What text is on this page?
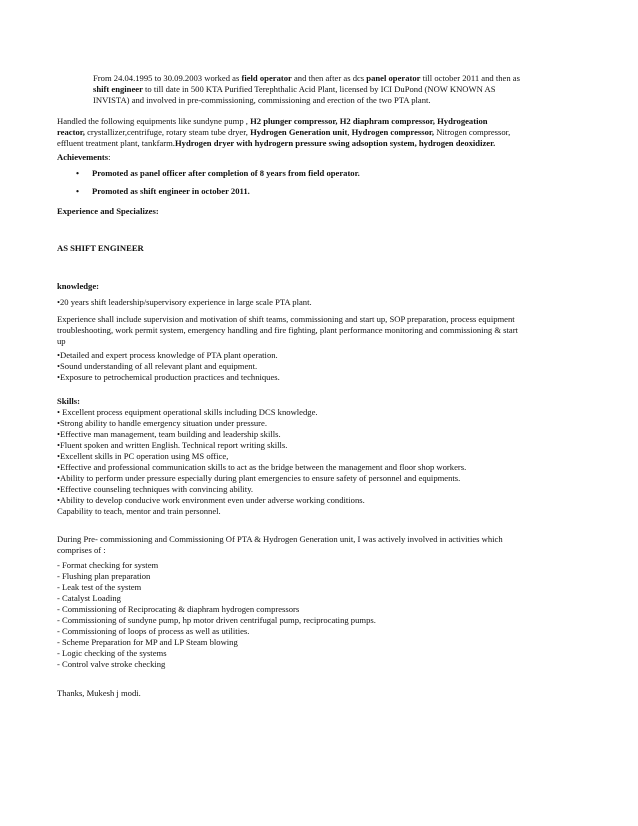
From 24.04.1995 to 30.09.2003 worked as field operator and then after as dcs panel operator till october 2011 and then as
shift engineer to till date in 500 KTA Purified Terephthalic Acid Plant, licensed by ICI DuPond (NOW KNOWN AS
INVISTA) and involved in pre-commissioning, commissioning and erection of the two PTA plant.

Handled the following equipments like sundyne pump , H2 plunger compressor, H2 diaphram compressor, Hydrogeation
reactor, crystallizer,centrifuge, rotary steam tube dryer, Hydrogen Generation unit, Hydrogen compressor, Nitrogen compressor,
effluent treatment plant, tankfarm.Hydrogen dryer with hydrogern pressure swing adsoption system, hydrogen deoxidizer.

Achievements:

• Promoted as panel officer after completion of 8 years from field operator.
• Promoted as shift engineer in october 2011.

Experience and Specializes:

AS SHIFT ENGINEER

knowledge:

•20 years shift leadership/supervisory experience in large scale PTA plant.

Experience shall include supervision and motivation of shift teams, commissioning and start up, SOP preparation, process equipment
troubleshooting, work permit system, emergency handling and fire fighting, plant performance monitoring and commissioning & start
up

•Detailed and expert process knowledge of PTA plant operation.
•Sound understanding of all relevant plant and equipment.
•Exposure to petrochemical production practices and techniques.

Skills:

• Excellent process equipment operational skills including DCS knowledge.
•Strong ability to handle emergency situation under pressure.
•Effective man management, team building and leadership skills.
•Fluent spoken and written English. Technical report writing skills.
•Excellent skills in PC operation using MS office,
•Effective and professional communication skills to act as the bridge between the management and floor shop workers.
•Ability to perform under pressure especially during plant emergencies to ensure safety of personnel and equipments.
•Effective counseling techniques with convincing ability.
•Ability to develop conducive work environment even under adverse working conditions.
Capability to teach, mentor and train personnel.

During Pre- commissioning and Commissioning Of PTA & Hydrogen Generation unit, I was actively involved in activities which
comprises of :

- Format checking for system
- Flushing plan preparation
- Leak test of the system
- Catalyst Loading
- Commissioning of Reciprocating & diaphram hydrogen compressors
- Commissioning of sundyne pump, hp motor driven centrifugal pump, reciprocating pumps.
- Commissioning of loops of process as well as utilities.
- Scheme Preparation for MP and LP Steam blowing
- Logic checking of the systems
- Control valve stroke checking

Thanks, Mukesh j modi.
